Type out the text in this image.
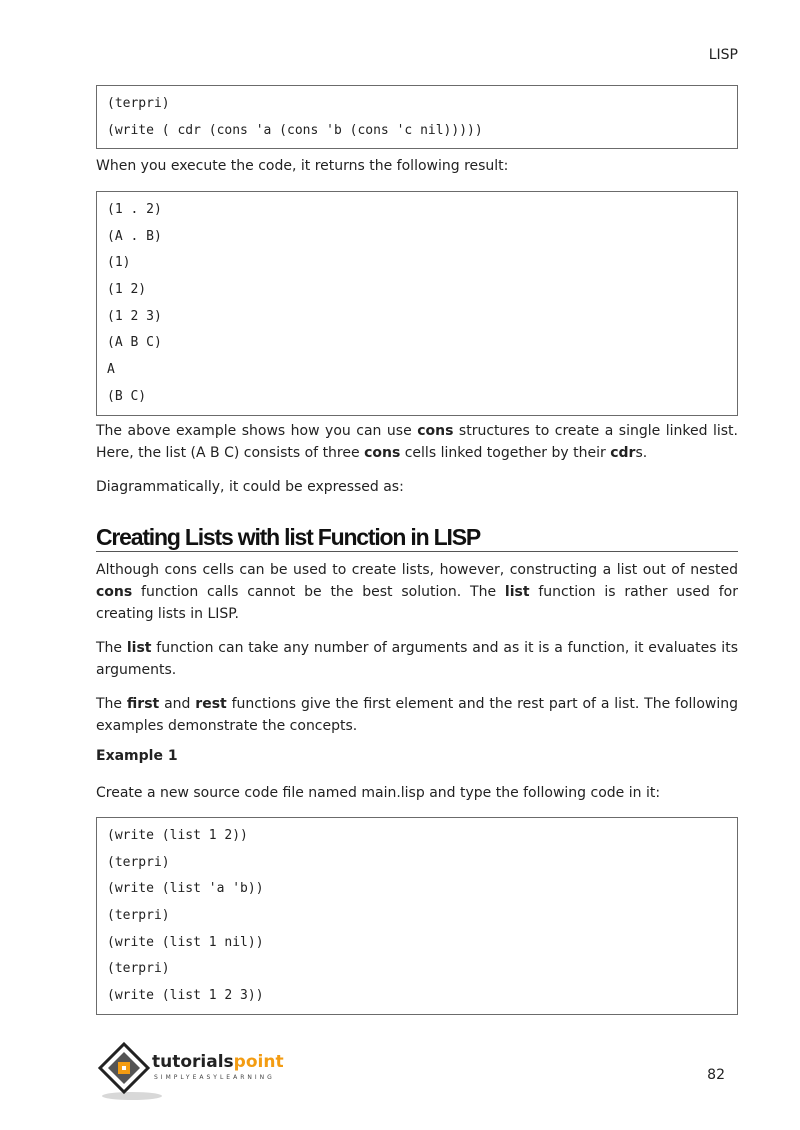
LISP
(terpri)
(write ( cdr (cons 'a (cons 'b (cons 'c nil)))))

When you execute the code, it returns the following result:

(1 . 2)
(A . B)
(1)
(1 2)
(1 2 3)
(A B C)
A
(B C)

The above example shows how you can use cons structures to create a single linked list. Here, the list (A B C) consists of three cons cells linked together by their cdrs.

Diagrammatically, it could be expressed as:

Creating Lists with list Function in LISP

Although cons cells can be used to create lists, however, constructing a list out of nested cons function calls cannot be the best solution. The list function is rather used for creating lists in LISP.

The list function can take any number of arguments and as it is a function, it evaluates its arguments.

The first and rest functions give the first element and the rest part of a list. The following examples demonstrate the concepts.

Example 1

Create a new source code file named main.lisp and type the following code in it:

(write (list 1 2))
(terpri)
(write (list 'a 'b))
(terpri)
(write (list 1 nil))
(terpri)
(write (list 1 2 3))
tutorialspoint
SIMPLYEASYLEARNING	82
